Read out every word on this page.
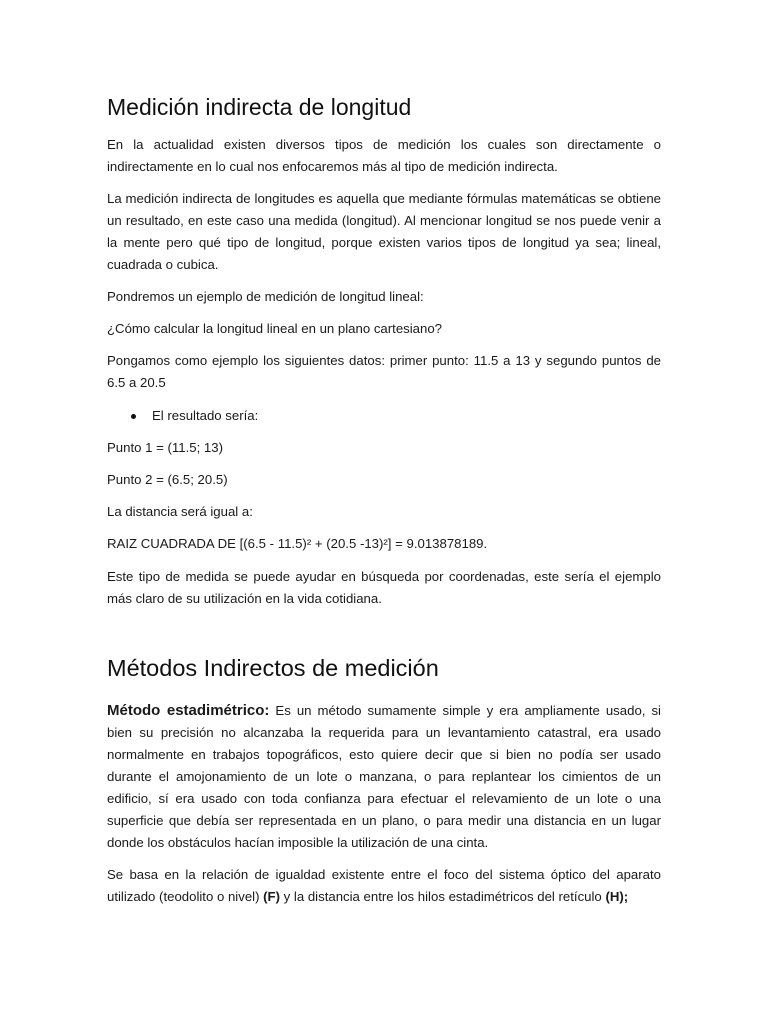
Medición indirecta de longitud

En la actualidad existen diversos tipos de medición los cuales son directamente o indirectamente en lo cual nos enfocaremos más al tipo de medición indirecta.

La medición indirecta de longitudes es aquella que mediante fórmulas matemáticas se obtiene un resultado, en este caso una medida (longitud). Al mencionar longitud se nos puede venir a la mente pero qué tipo de longitud, porque existen varios tipos de longitud ya sea; lineal, cuadrada o cubica.

Pondremos un ejemplo de medición de longitud lineal:

¿Cómo calcular la longitud lineal en un plano cartesiano?

Pongamos como ejemplo los siguientes datos: primer punto: 11.5 a 13 y segundo puntos de 6.5 a 20.5

El resultado sería:

Punto 1 = (11.5; 13)

Punto 2 = (6.5; 20.5)

La distancia será igual a:

RAIZ CUADRADA DE [(6.5 - 11.5)² + (20.5 -13)²] = 9.013878189.

Este tipo de medida se puede ayudar en búsqueda por coordenadas, este sería el ejemplo más claro de su utilización en la vida cotidiana.

Métodos Indirectos de medición

Método estadimétrico: Es un método sumamente simple y era ampliamente usado, si bien su precisión no alcanzaba la requerida para un levantamiento catastral, era usado normalmente en trabajos topográficos, esto quiere decir que si bien no podía ser usado durante el amojonamiento de un lote o manzana, o para replantear los cimientos de un edificio, sí era usado con toda confianza para efectuar el relevamiento de un lote o una superficie que debía ser representada en un plano, o para medir una distancia en un lugar donde los obstáculos hacían imposible la utilización de una cinta.

Se basa en la relación de igualdad existente entre el foco del sistema óptico del aparato utilizado (teodolito o nivel) (F) y la distancia entre los hilos estadimétricos del retículo (H);
